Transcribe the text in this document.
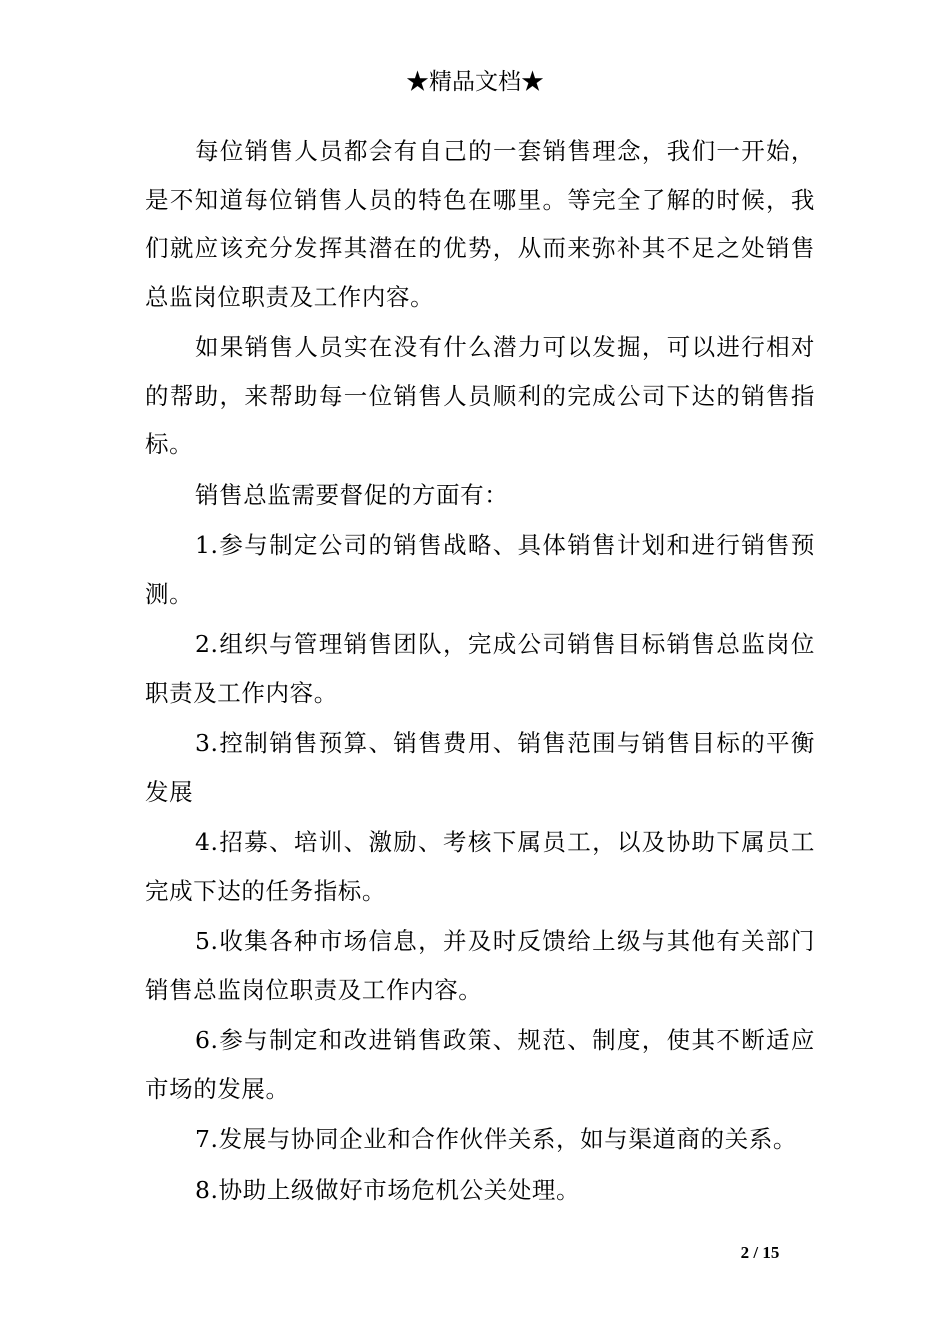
★精品文档★

每位销售人员都会有自己的一套销售理念，我们一开始，是不知道每位销售人员的特色在哪里。等完全了解的时候，我们就应该充分发挥其潜在的优势，从而来弥补其不足之处销售总监岗位职责及工作内容。

如果销售人员实在没有什么潜力可以发掘，可以进行相对的帮助，来帮助每一位销售人员顺利的完成公司下达的销售指标。

销售总监需要督促的方面有：

1.参与制定公司的销售战略、具体销售计划和进行销售预测。

2.组织与管理销售团队，完成公司销售目标销售总监岗位职责及工作内容。

3.控制销售预算、销售费用、销售范围与销售目标的平衡发展

4.招募、培训、激励、考核下属员工，以及协助下属员工完成下达的任务指标。

5.收集各种市场信息，并及时反馈给上级与其他有关部门销售总监岗位职责及工作内容。

6.参与制定和改进销售政策、规范、制度，使其不断适应市场的发展。

7.发展与协同企业和合作伙伴关系，如与渠道商的关系。

8.协助上级做好市场危机公关处理。

2 / 15
